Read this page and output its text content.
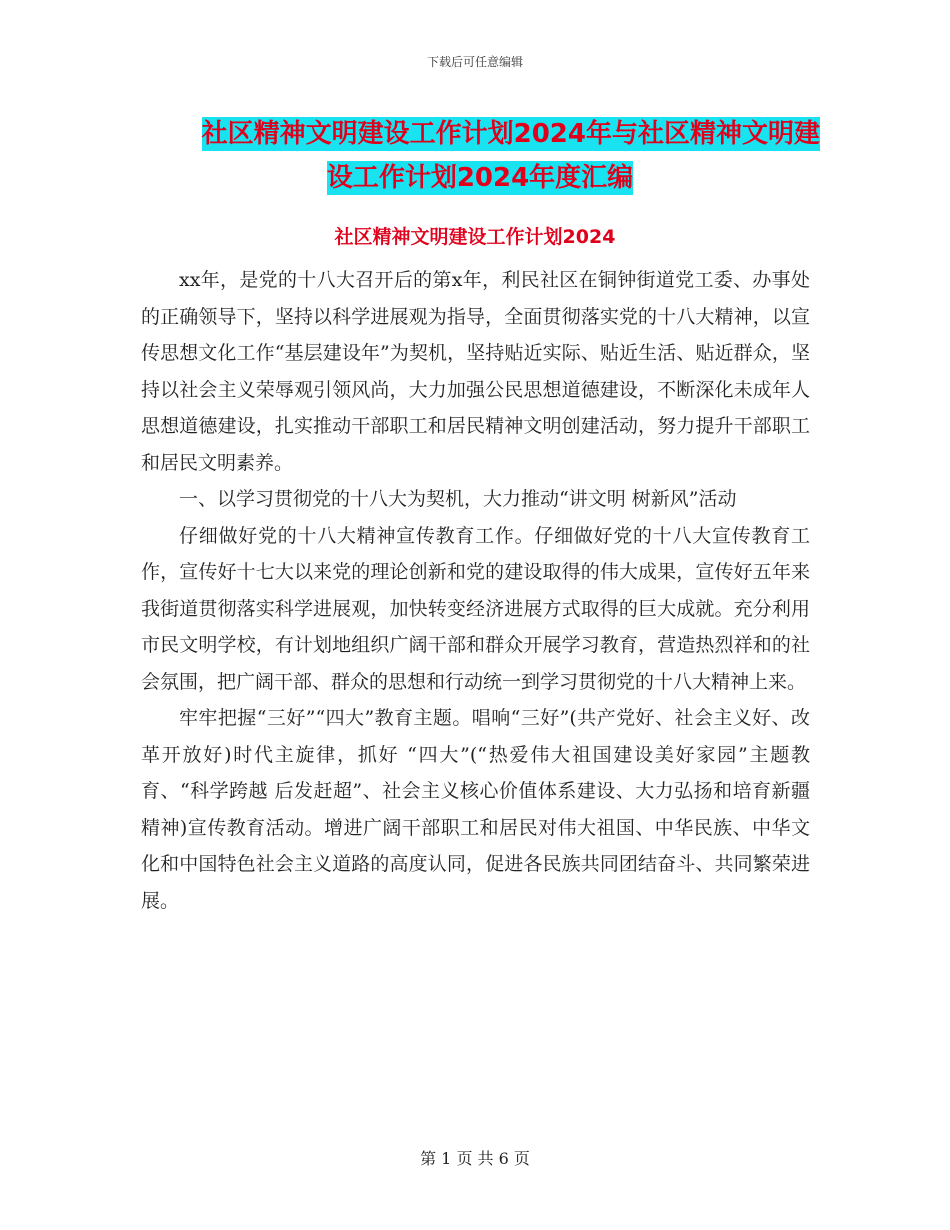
下载后可任意编辑
社区精神文明建设工作计划2024年与社区精神文明建
设工作计划2024年度汇编
社区精神文明建设工作计划2024

xx年，是党的十八大召开后的第x年，利民社区在铜钟街道党工委、办事处的正确领导下，坚持以科学进展观为指导，全面贯彻落实党的十八大精神，以宣传思想文化工作“基层建设年”为契机，坚持贴近实际、贴近生活、贴近群众，坚持以社会主义荣辱观引领风尚，大力加强公民思想道德建设，不断深化未成年人思想道德建设，扎实推动干部职工和居民精神文明创建活动，努力提升干部职工和居民文明素养。

一、以学习贯彻党的十八大为契机，大力推动“讲文明 树新风”活动

仔细做好党的十八大精神宣传教育工作。仔细做好党的十八大宣传教育工作，宣传好十七大以来党的理论创新和党的建设取得的伟大成果，宣传好五年来我街道贯彻落实科学进展观，加快转变经济进展方式取得的巨大成就。充分利用市民文明学校，有计划地组织广阔干部和群众开展学习教育，营造热烈祥和的社会氛围，把广阔干部、群众的思想和行动统一到学习贯彻党的十八大精神上来。

牢牢把握“三好”“四大”教育主题。唱响“三好”(共产党好、社会主义好、改革开放好)时代主旋律，抓好 “四大”(“热爱伟大祖国建设美好家园”主题教育、“科学跨越 后发赶超”、社会主义核心价值体系建设、大力弘扬和培育新疆精神)宣传教育活动。增进广阔干部职工和居民对伟大祖国、中华民族、中华文化和中国特色社会主义道路的高度认同，促进各民族共同团结奋斗、共同繁荣进展。

第 1 页 共 6 页
